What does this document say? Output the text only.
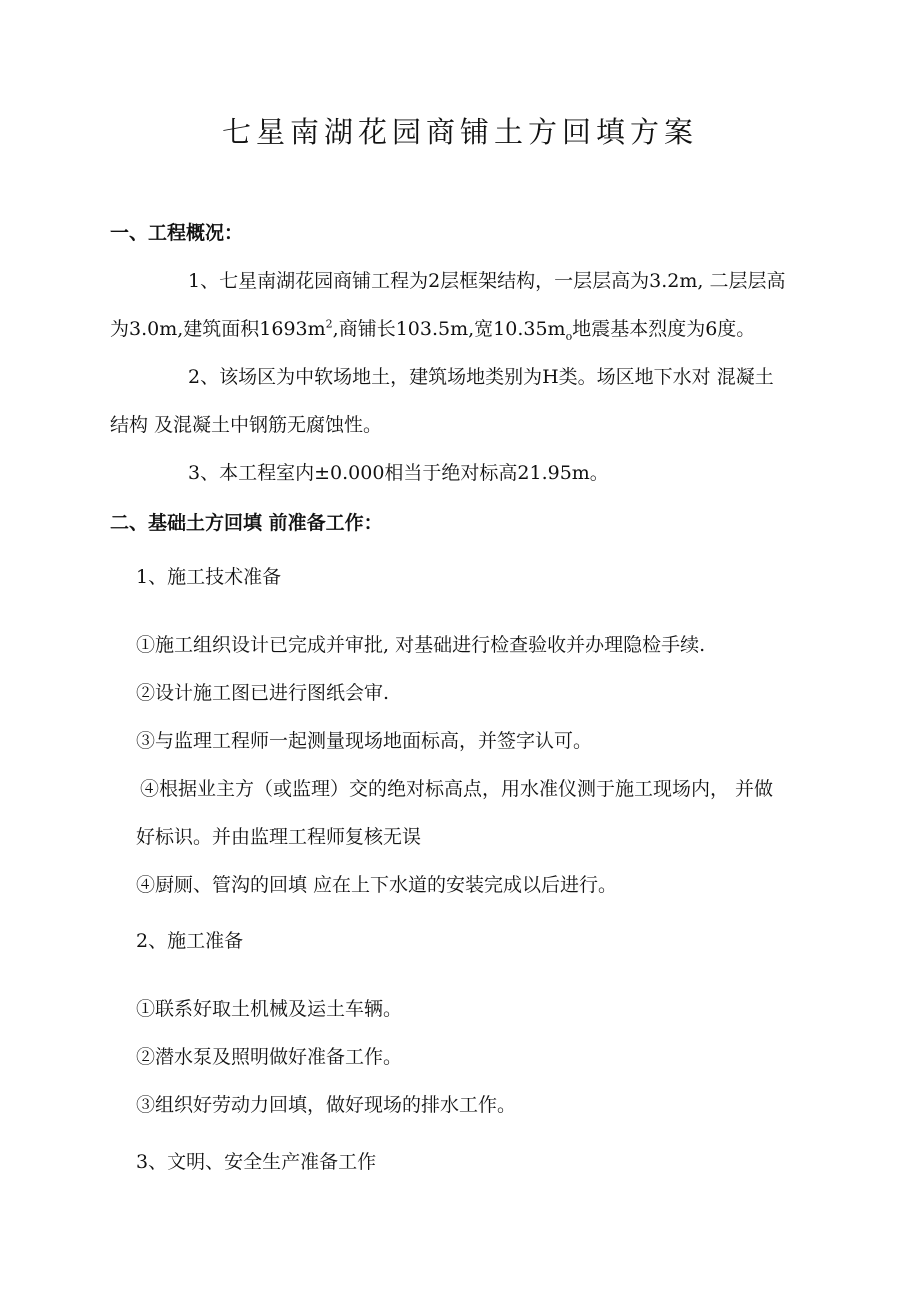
七星南湖花园商铺土方回填方案
一、工程概况：
1、七星南湖花园商铺工程为2层框架结构，一层层高为3.2m, 二层层高
为3.0m,建筑面积$1693m^2$,商铺长103.5m,宽$10.35m_o$地震基本烈度为6度。
2、该场区为中软场地土，建筑场地类别为H类。场区地下水对 混凝土
结构 及混凝土中钢筋无腐蚀性。
3、本工程室内±0.000相当于绝对标高21.95m。
二、基础土方回填 前准备工作：
1、施工技术准备
①施工组织设计已完成并审批, 对基础进行检查验收并办理隐检手续.
②设计施工图已进行图纸会审.
③与监理工程师一起测量现场地面标高，并签字认可。
④根据业主方（或监理）交的绝对标高点，用水准仪测于施工现场内， 并做
好标识。并由监理工程师复核无误
④厨厕、管沟的回填 应在上下水道的安装完成以后进行。
2、施工准备
①联系好取土机械及运土车辆。
②潜水泵及照明做好准备工作。
③组织好劳动力回填，做好现场的排水工作。
3、文明、安全生产准备工作
